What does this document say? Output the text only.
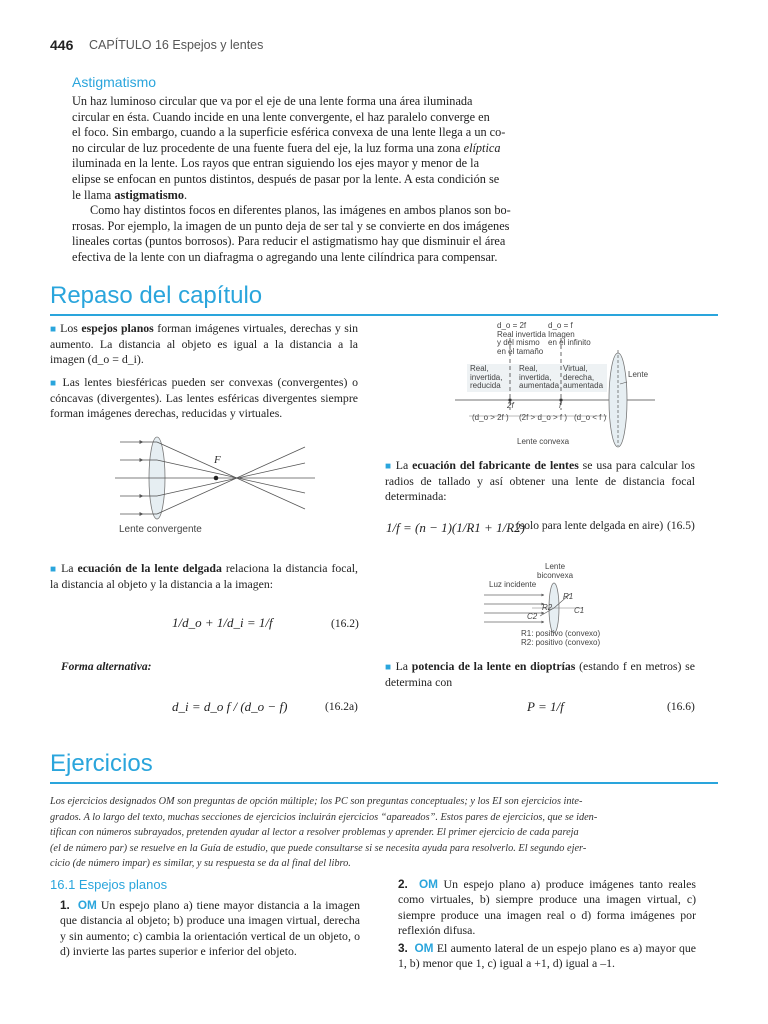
446 CAPÍTULO 16 Espejos y lentes
Astigmatismo
Un haz luminoso circular que va por el eje de una lente forma una área iluminada
circular en ésta. Cuando incide en una lente convergente, el haz paralelo converge en
el foco. Sin embargo, cuando a la superficie esférica convexa de una lente llega a un co-
no circular de luz procedente de una fuente fuera del eje, la luz forma una zona elíptica
iluminada en la lente. Los rayos que entran siguiendo los ejes mayor y menor de la
elipse se enfocan en puntos distintos, después de pasar por la lente. A esta condición se
le llama astigmatismo.
Como hay distintos focos en diferentes planos, las imágenes en ambos planos son bo-
rrosas. Por ejemplo, la imagen de un punto deja de ser tal y se convierte en dos imágenes
lineales cortas (puntos borrosos). Para reducir el astigmatismo hay que disminuir el área
efectiva de la lente con un diafragma o agregando una lente cilíndrica para compensar.
Repaso del capítulo
■ Los espejos planos forman imágenes virtuales, derechas y sin aumento. La distancia al objeto es igual a la distancia a la imagen (d_o = d_i).
■ Las lentes biesféricas pueden ser convexas (convergentes) o cóncavas (divergentes). Las lentes esféricas divergentes siempre forman imágenes derechas, reducidas y virtuales.
F
Lente convergente
d_o = 2f
Real invertida
y del mismo
en el tamaño
d_o = f
Imagen
en el infinito
Real,
invertida,
reducida
Real,
invertida,
aumentada
Virtual,
derecha,
aumentada
Lente
2f	f
(d_o > 2f ) (2f > d_o > f ) (d_o < f )
Lente convexa
■ La ecuación de la lente delgada relaciona la distancia focal, la distancia al objeto y la distancia a la imagen:
1/d_o + 1/d_i = 1/f	(16.2)
Forma alternativa:
d_i = d_o f / (d_o − f)	(16.2a)
■ La ecuación del fabricante de lentes se usa para calcular los radios de tallado y así obtener una lente de distancia focal determinada:
1/f = (n − 1)(1/R1 + 1/R2)
(solo para lente delgada en aire) (16.5)
Lente
biconvexa
Luz incidente
R1
R2	C1
C2
R1: positivo (convexo)
R2: positivo (convexo)
■ La potencia de la lente en dioptrías (estando f en metros) se determina con
P = 1/f	(16.6)
Ejercicios
Los ejercicios designados OM son preguntas de opción múltiple; los PC son preguntas conceptuales; y los EI son ejercicios inte-
grados. A lo largo del texto, muchas secciones de ejercicios incluirán ejercicios “apareados”. Estos pares de ejercicios, que se iden-
tifican con números subrayados, pretenden ayudar al lector a resolver problemas y aprender. El primer ejercicio de cada pareja
(el de número par) se resuelve en la Guía de estudio, que puede consultarse si se necesita ayuda para resolverlo. El segundo ejer-
cicio (de número impar) es similar, y su respuesta se da al final del libro.
16.1 Espejos planos
1. OM Un espejo plano a) tiene mayor distancia a la imagen que distancia al objeto; b) produce una imagen virtual, derecha y sin aumento; c) cambia la orientación vertical de un objeto, o d) invierte las partes superior e inferior del objeto.
2. OM Un espejo plano a) produce imágenes tanto reales como virtuales, b) siempre produce una imagen virtual, c) siempre produce una imagen real o d) forma imágenes por reflexión difusa.
3. OM El aumento lateral de un espejo plano es a) mayor que 1, b) menor que 1, c) igual a +1, d) igual a –1.
